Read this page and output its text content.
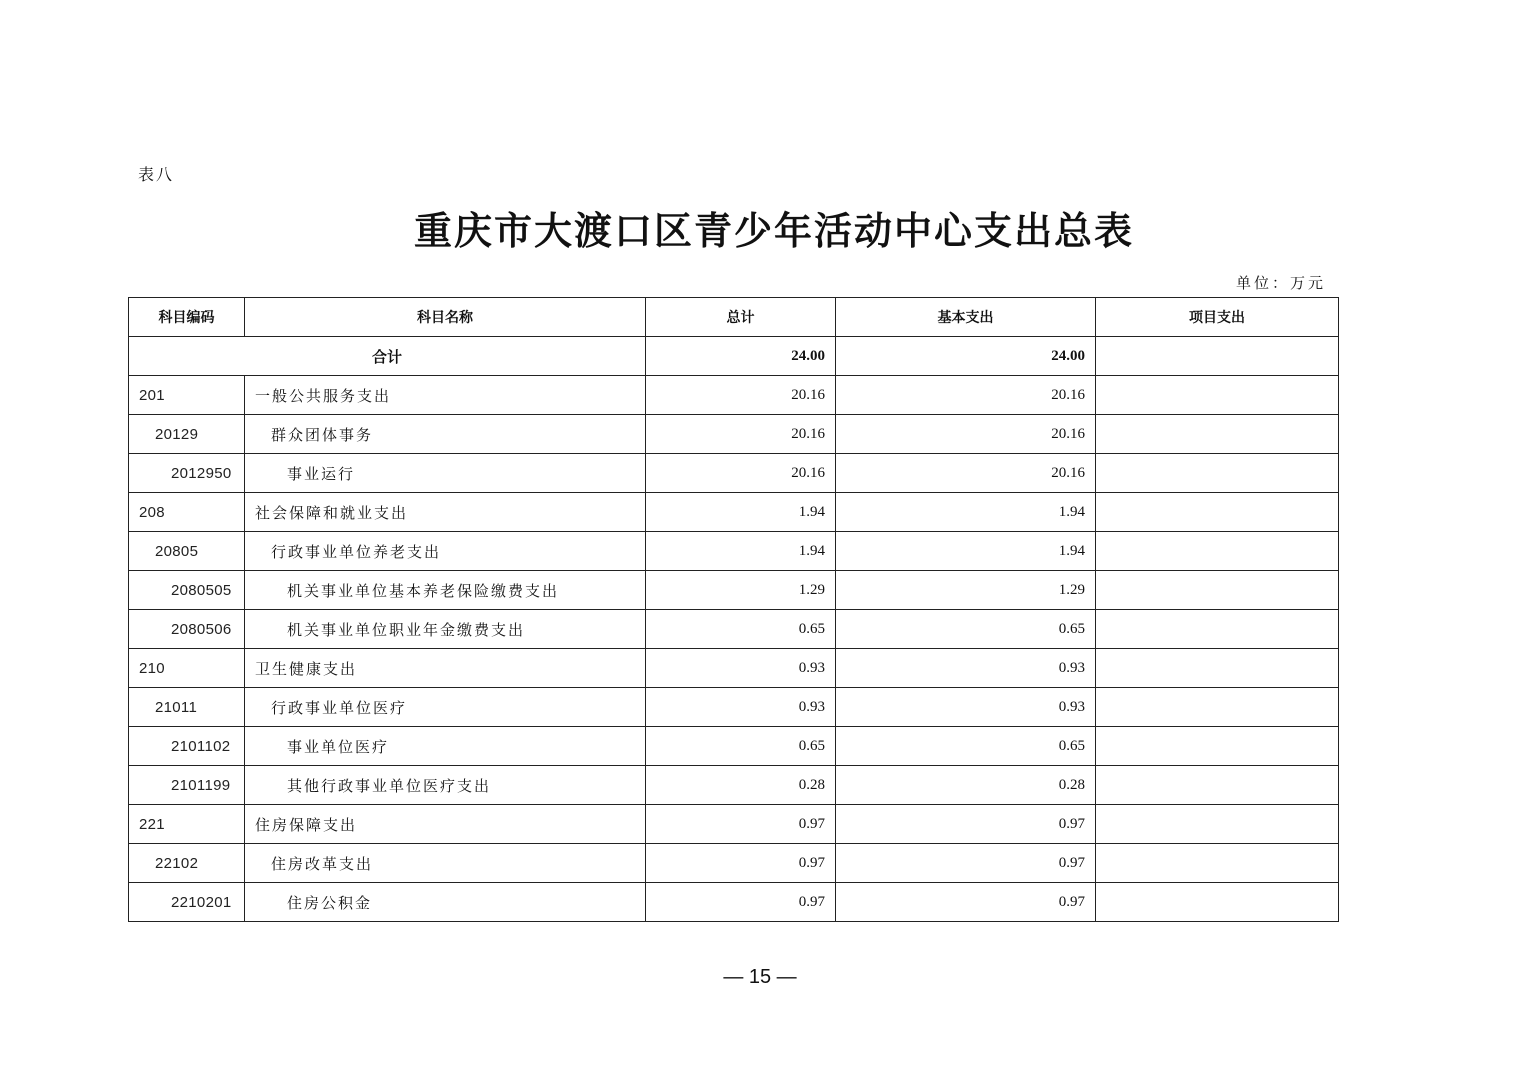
表八
重庆市大渡口区青少年活动中心支出总表
单位：万元
科目编码	科目名称	总计	基本支出	项目支出
合计		24.00	24.00	
201	一般公共服务支出	20.16	20.16	
20129	群众团体事务	20.16	20.16	
2012950	事业运行	20.16	20.16	
208	社会保障和就业支出	1.94	1.94	
20805	行政事业单位养老支出	1.94	1.94	
2080505	机关事业单位基本养老保险缴费支出	1.29	1.29	
2080506	机关事业单位职业年金缴费支出	0.65	0.65	
210	卫生健康支出	0.93	0.93	
21011	行政事业单位医疗	0.93	0.93	
2101102	事业单位医疗	0.65	0.65	
2101199	其他行政事业单位医疗支出	0.28	0.28	
221	住房保障支出	0.97	0.97	
22102	住房改革支出	0.97	0.97	
2210201	住房公积金	0.97	0.97	
— 15 —
